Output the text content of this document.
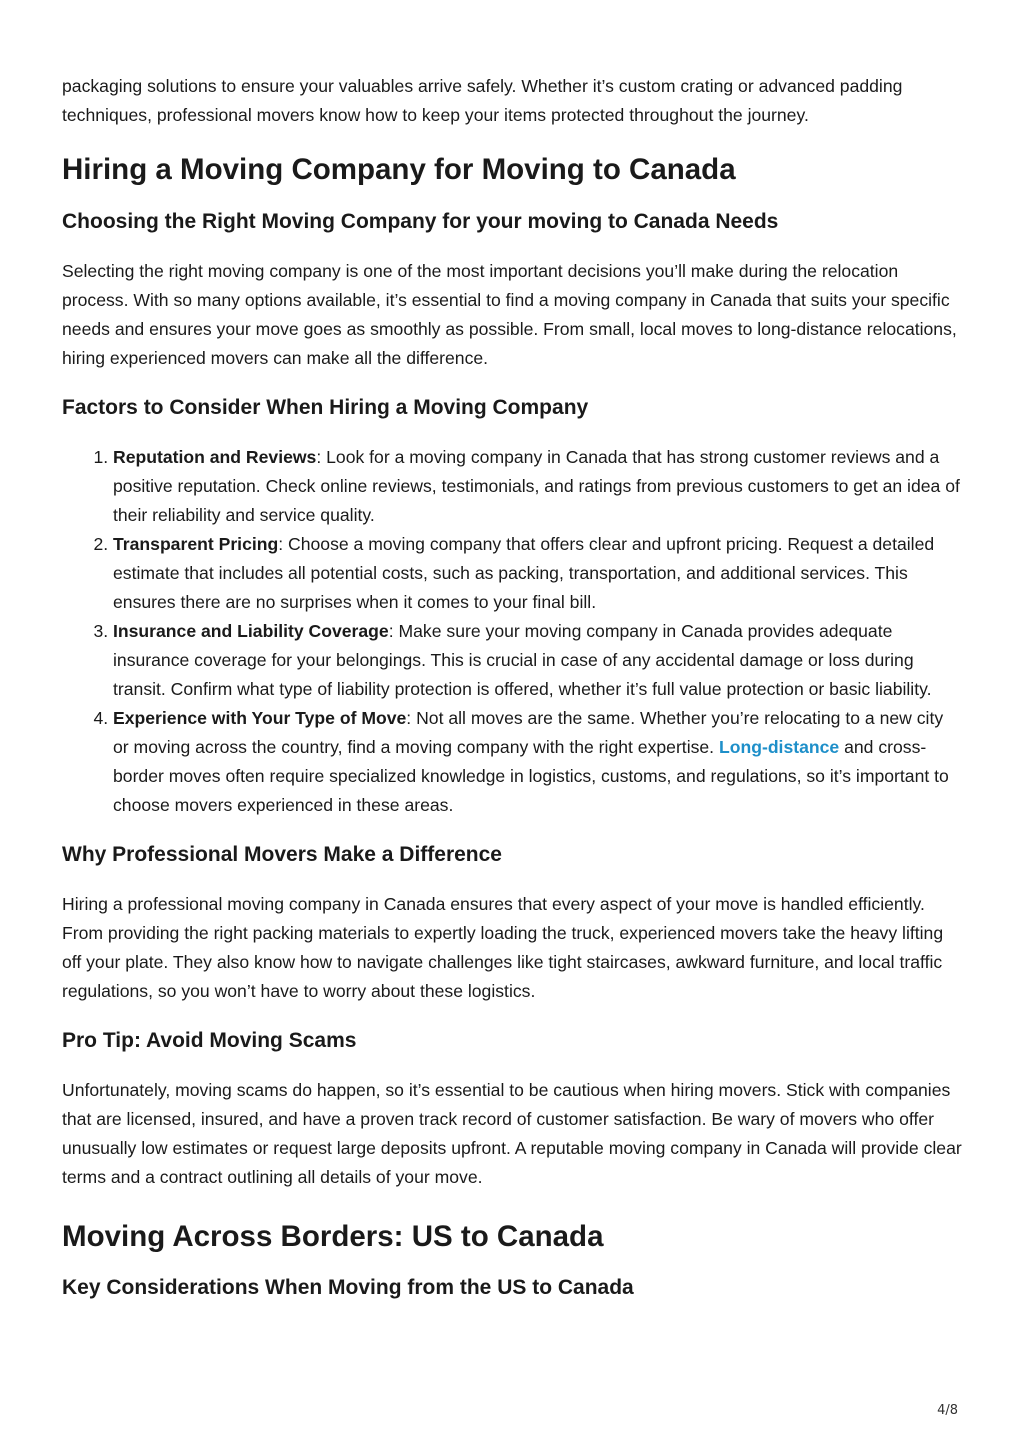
packaging solutions to ensure your valuables arrive safely. Whether it’s custom crating or advanced padding techniques, professional movers know how to keep your items protected throughout the journey.

Hiring a Moving Company for Moving to Canada
Choosing the Right Moving Company for your moving to Canada Needs

Selecting the right moving company is one of the most important decisions you’ll make during the relocation process. With so many options available, it’s essential to find a moving company in Canada that suits your specific needs and ensures your move goes as smoothly as possible. From small, local moves to long-distance relocations, hiring experienced movers can make all the difference.

Factors to Consider When Hiring a Moving Company
1. Reputation and Reviews: Look for a moving company in Canada that has strong customer reviews and a positive reputation. Check online reviews, testimonials, and ratings from previous customers to get an idea of their reliability and service quality.
2. Transparent Pricing: Choose a moving company that offers clear and upfront pricing. Request a detailed estimate that includes all potential costs, such as packing, transportation, and additional services. This ensures there are no surprises when it comes to your final bill.
3. Insurance and Liability Coverage: Make sure your moving company in Canada provides adequate insurance coverage for your belongings. This is crucial in case of any accidental damage or loss during transit. Confirm what type of liability protection is offered, whether it’s full value protection or basic liability.
4. Experience with Your Type of Move: Not all moves are the same. Whether you’re relocating to a new city or moving across the country, find a moving company with the right expertise. Long-distance and cross-border moves often require specialized knowledge in logistics, customs, and regulations, so it’s important to choose movers experienced in these areas.
Why Professional Movers Make a Difference

Hiring a professional moving company in Canada ensures that every aspect of your move is handled efficiently. From providing the right packing materials to expertly loading the truck, experienced movers take the heavy lifting off your plate. They also know how to navigate challenges like tight staircases, awkward furniture, and local traffic regulations, so you won’t have to worry about these logistics.

Pro Tip: Avoid Moving Scams

Unfortunately, moving scams do happen, so it’s essential to be cautious when hiring movers. Stick with companies that are licensed, insured, and have a proven track record of customer satisfaction. Be wary of movers who offer unusually low estimates or request large deposits upfront. A reputable moving company in Canada will provide clear terms and a contract outlining all details of your move.

Moving Across Borders: US to Canada
Key Considerations When Moving from the US to Canada
4/8
